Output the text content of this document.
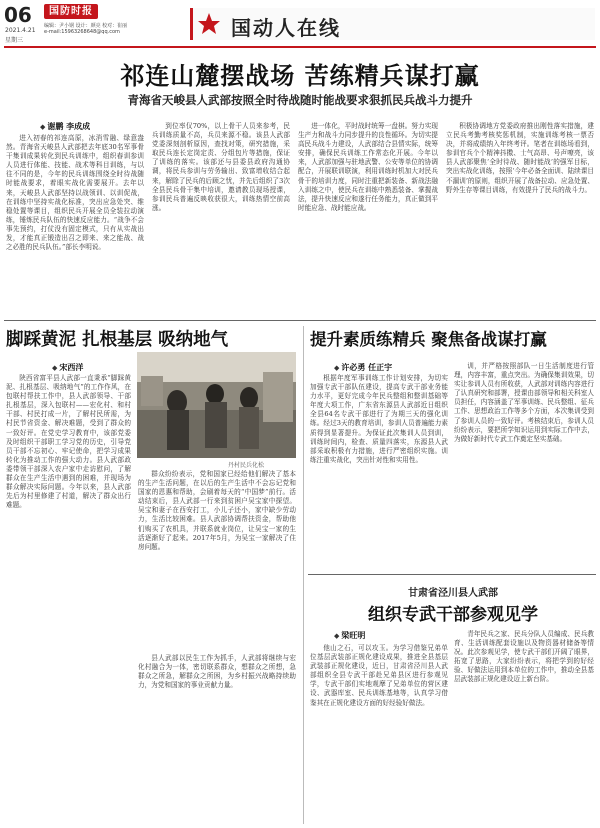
06
2021.4.21
星期三
国防时报
编辑：尹小钢 设计：颜亮 校对：崔丽
e-mail:15963268648@qq.com	国动人在线
祁连山麓摆战场 苦练精兵谋打赢
青海省天峻县人武部按照全时待战随时能战要求狠抓民兵战斗力提升
◆ 谢鹏 李成成

进入初春的祁连高原，冰消雪融、绿意盎然。青海省天峻县人武部把去年底30名军事骨干集训成果转化到民兵训练中，组织春训参训人员进行体能、技能、战术等科目训练，与以往不同的是，今年的民兵训练围绕全时待战随时能战要求，着眼实战化需要展开。去年以来，天峻县人武部坚持以战领训、以训促战，在训练中坚持实战化标准，突出应急处突、维稳处置等课目，组织民兵开展全员全装拉动演练，锤炼民兵队伍的快速反应能力。“战争不会事先预约，打仗没有固定模式，只有从实战出发，才能真正锻造出召之即来、来之能战、战之必胜的民兵队伍。”部长李明说。

到位率仅70%，以上骨干人员来参考，民兵训练质量不高，兵员来源不稳。该县人武部党委深刻剖析原因，查找对策，研究措施，采取民兵连长定岗定责、分组包片等措施，保证了训练的落实。该部还与县委县政府沟通协调，将民兵参训与劳务输出、致富增收结合起来，解除了民兵的后顾之忧，并先后组织了3次全县民兵骨干集中培训，邀请教员现场授课，参训民兵普遍反映收获很大，训练热情空前高涨。

进一体化，平时战时统筹一盘棋。努力实现生产力和战斗力同步提升的良性循环。为切实提高民兵战斗力建设，人武部结合县情实际，统筹安排，确保民兵训练工作常态化开展。今年以来，人武部加强与驻地武警、公安等单位的协调配合，开展联训联演，利用训练时机加大对民兵骨干的培训力度，同时注重把新装备、新战法融入训练之中，使民兵在训练中熟悉装备、掌握战法，提升快速反应和遂行任务能力，真正做到平时能应急、战时能应战。

积极协调地方党委政府推出刚性落实措施，建立民兵考勤考核奖惩机制，实施训练考核一票否决，并将成绩纳入年终考评。笔者在训练场看到，参训官兵个个精神抖擞、士气高昂、号声嘹亮，该县人武部聚焦‘全时待战、随时能战’的强军目标，突出实战化训练，按照‘今年必备全面训、陆续课目不漏训’的原则，组织开展了战备拉动、应急处置、野外生存等课目训练，有效提升了民兵的战斗力。

脚踩黄泥 扎根基层 吸纳地气
◆ 宋西洋
丹村民兵化松

陕西省富平县人武部一直秉承“脚踩黄泥、扎根基层、吸纳地气”的工作作风，在包联村帮扶工作中，县人武部领导、干部扎根基层，深入包联村——宏化村、和村干部、村民打成一片，了解村民所需，为村民节省资金、解决难题，受到了群众的一致好评。在党史学习教育中，该部党委及时组织干部职工学习党的历史，引导党员干部不忘初心、牢记使命，把学习成果转化为推动工作的强大动力。县人武部政委带领干部深入农户家中走访慰问，了解群众在生产生活中遇到的困难，并现场为群众解决实际问题。今年以来，县人武部先后为村里修建了村道，解决了群众出行难题。

群众纷纷表示，党和国家已经给他们解决了基本的生产生活问题，在以后的生产生活中不会忘记党和国家的恩惠和帮助，会刷着每天的“中国梦”前行。活动结束后，县人武部一行来到贫困户吴宝家中探望。吴宝和妻子在西安打工，小儿子还小，家中缺少劳动力，生活比较困难。县人武部协调帮扶资金，帮助他们购买了农机具，并联系就业岗位，让吴宝一家的生活逐渐好了起来。2017年5月，为吴宝一家解决了住房问题。

县人武部以民生工作为抓手，人武部将继续与宏化村融合为一体，密切联系群众，想群众之所想，急群众之所急，解群众之所困，为乡村振兴战略持续助力，为党和国家的事业贡献力量。

提升素质练精兵 聚焦备战谋打赢
◆ 许必勇 任正宇

根据年度军事训练工作计划安排，为切实加强专武干部队伍建设，提高专武干部业务能力水平，更好完成今年民兵整组和整训基础等年度大项工作，广东省东源县人武部近日组织全县64名专武干部进行了为期三天的强化训练。经过3天的教育培训，参训人员普遍能力素质得到显著提升。为保证此次集训人员到训，训练时间内，检查、质量四落实，东源县人武部采取积极有力措施，进行严密组织实施。训练注重实战化，突出针对性和实用性。

训，并严格按照部队一日生活制度进行管理，内容丰富，重点突出。为确保集训效果，切实让参训人员有所收获，人武部对训练内容进行了认真研究和部署，授课由部领导和相关科室人员担任，内容涵盖了军事训练、民兵整组、征兵工作、思想政治工作等多个方面，本次集训受到了参训人员的一致好评。考核结束后，参训人员纷纷表示，要把所学知识运用到实际工作中去，为做好新时代专武工作奠定坚实基础。

甘肃省泾川县人武部
组织专武干部参观见学
◆ 梁旺明

他山之石，可以攻玉。为学习借鉴兄弟单位基层武装部正规化建设成果，推进全县基层武装部正规化建设，近日，甘肃省泾川县人武部组织全县专武干部赴兄弟县区进行参观见学，专武干部们实地观摩了兄弟单位的营区建设、武器库室、民兵训练基地等，认真学习借鉴其在正规化建设方面的好经验好做法。

青年民兵之家、民兵分队人员编成、民兵教育、生活训练配套设施以及物资器材储备等情况。此次参观见学，使专武干部们开阔了眼界，拓宽了思路，大家纷纷表示，将把学到的好经验、好做法运用到本单位的工作中，推动全县基层武装部正规化建设迈上新台阶。
